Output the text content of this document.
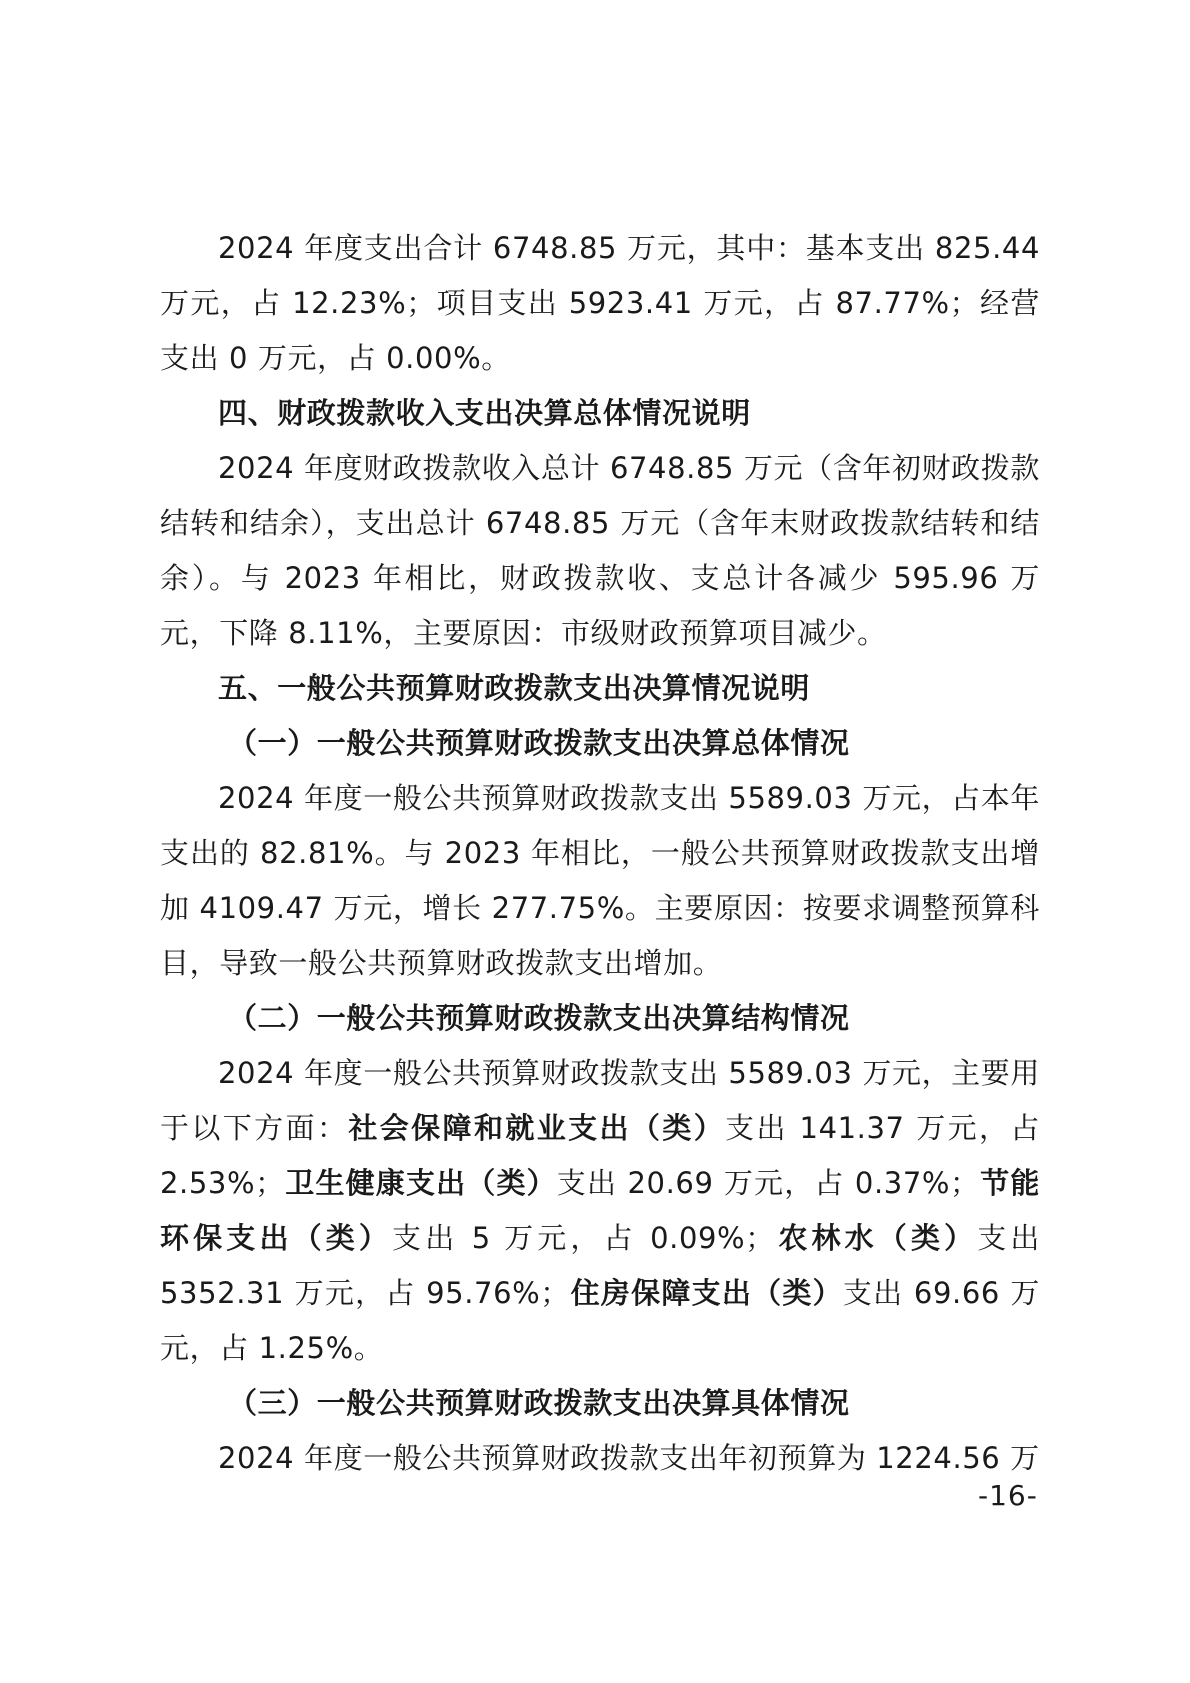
2024 年度支出合计 6748.85 万元，其中：基本支出 825.44 万元，占 12.23%；项目支出 5923.41 万元，占 87.77%；经营支出 0 万元，占 0.00%。

四、财政拨款收入支出决算总体情况说明

2024 年度财政拨款收入总计 6748.85 万元（含年初财政拨款结转和结余），支出总计 6748.85 万元（含年末财政拨款结转和结余）。与 2023 年相比，财政拨款收、支总计各减少 595.96 万元，下降 8.11%，主要原因：市级财政预算项目减少。

五、一般公共预算财政拨款支出决算情况说明

（一）一般公共预算财政拨款支出决算总体情况

2024 年度一般公共预算财政拨款支出 5589.03 万元，占本年支出的 82.81%。与 2023 年相比，一般公共预算财政拨款支出增加 4109.47 万元，增长 277.75%。主要原因：按要求调整预算科目，导致一般公共预算财政拨款支出增加。

（二）一般公共预算财政拨款支出决算结构情况

2024 年度一般公共预算财政拨款支出 5589.03 万元，主要用于以下方面：社会保障和就业支出（类）支出 141.37 万元，占 2.53%；卫生健康支出（类）支出 20.69 万元，占 0.37%；节能环保支出（类）支出 5 万元，占 0.09%；农林水（类）支出 5352.31 万元，占 95.76%；住房保障支出（类）支出 69.66 万元，占 1.25%。

（三）一般公共预算财政拨款支出决算具体情况

2024 年度一般公共预算财政拨款支出年初预算为 1224.56 万

-16-
